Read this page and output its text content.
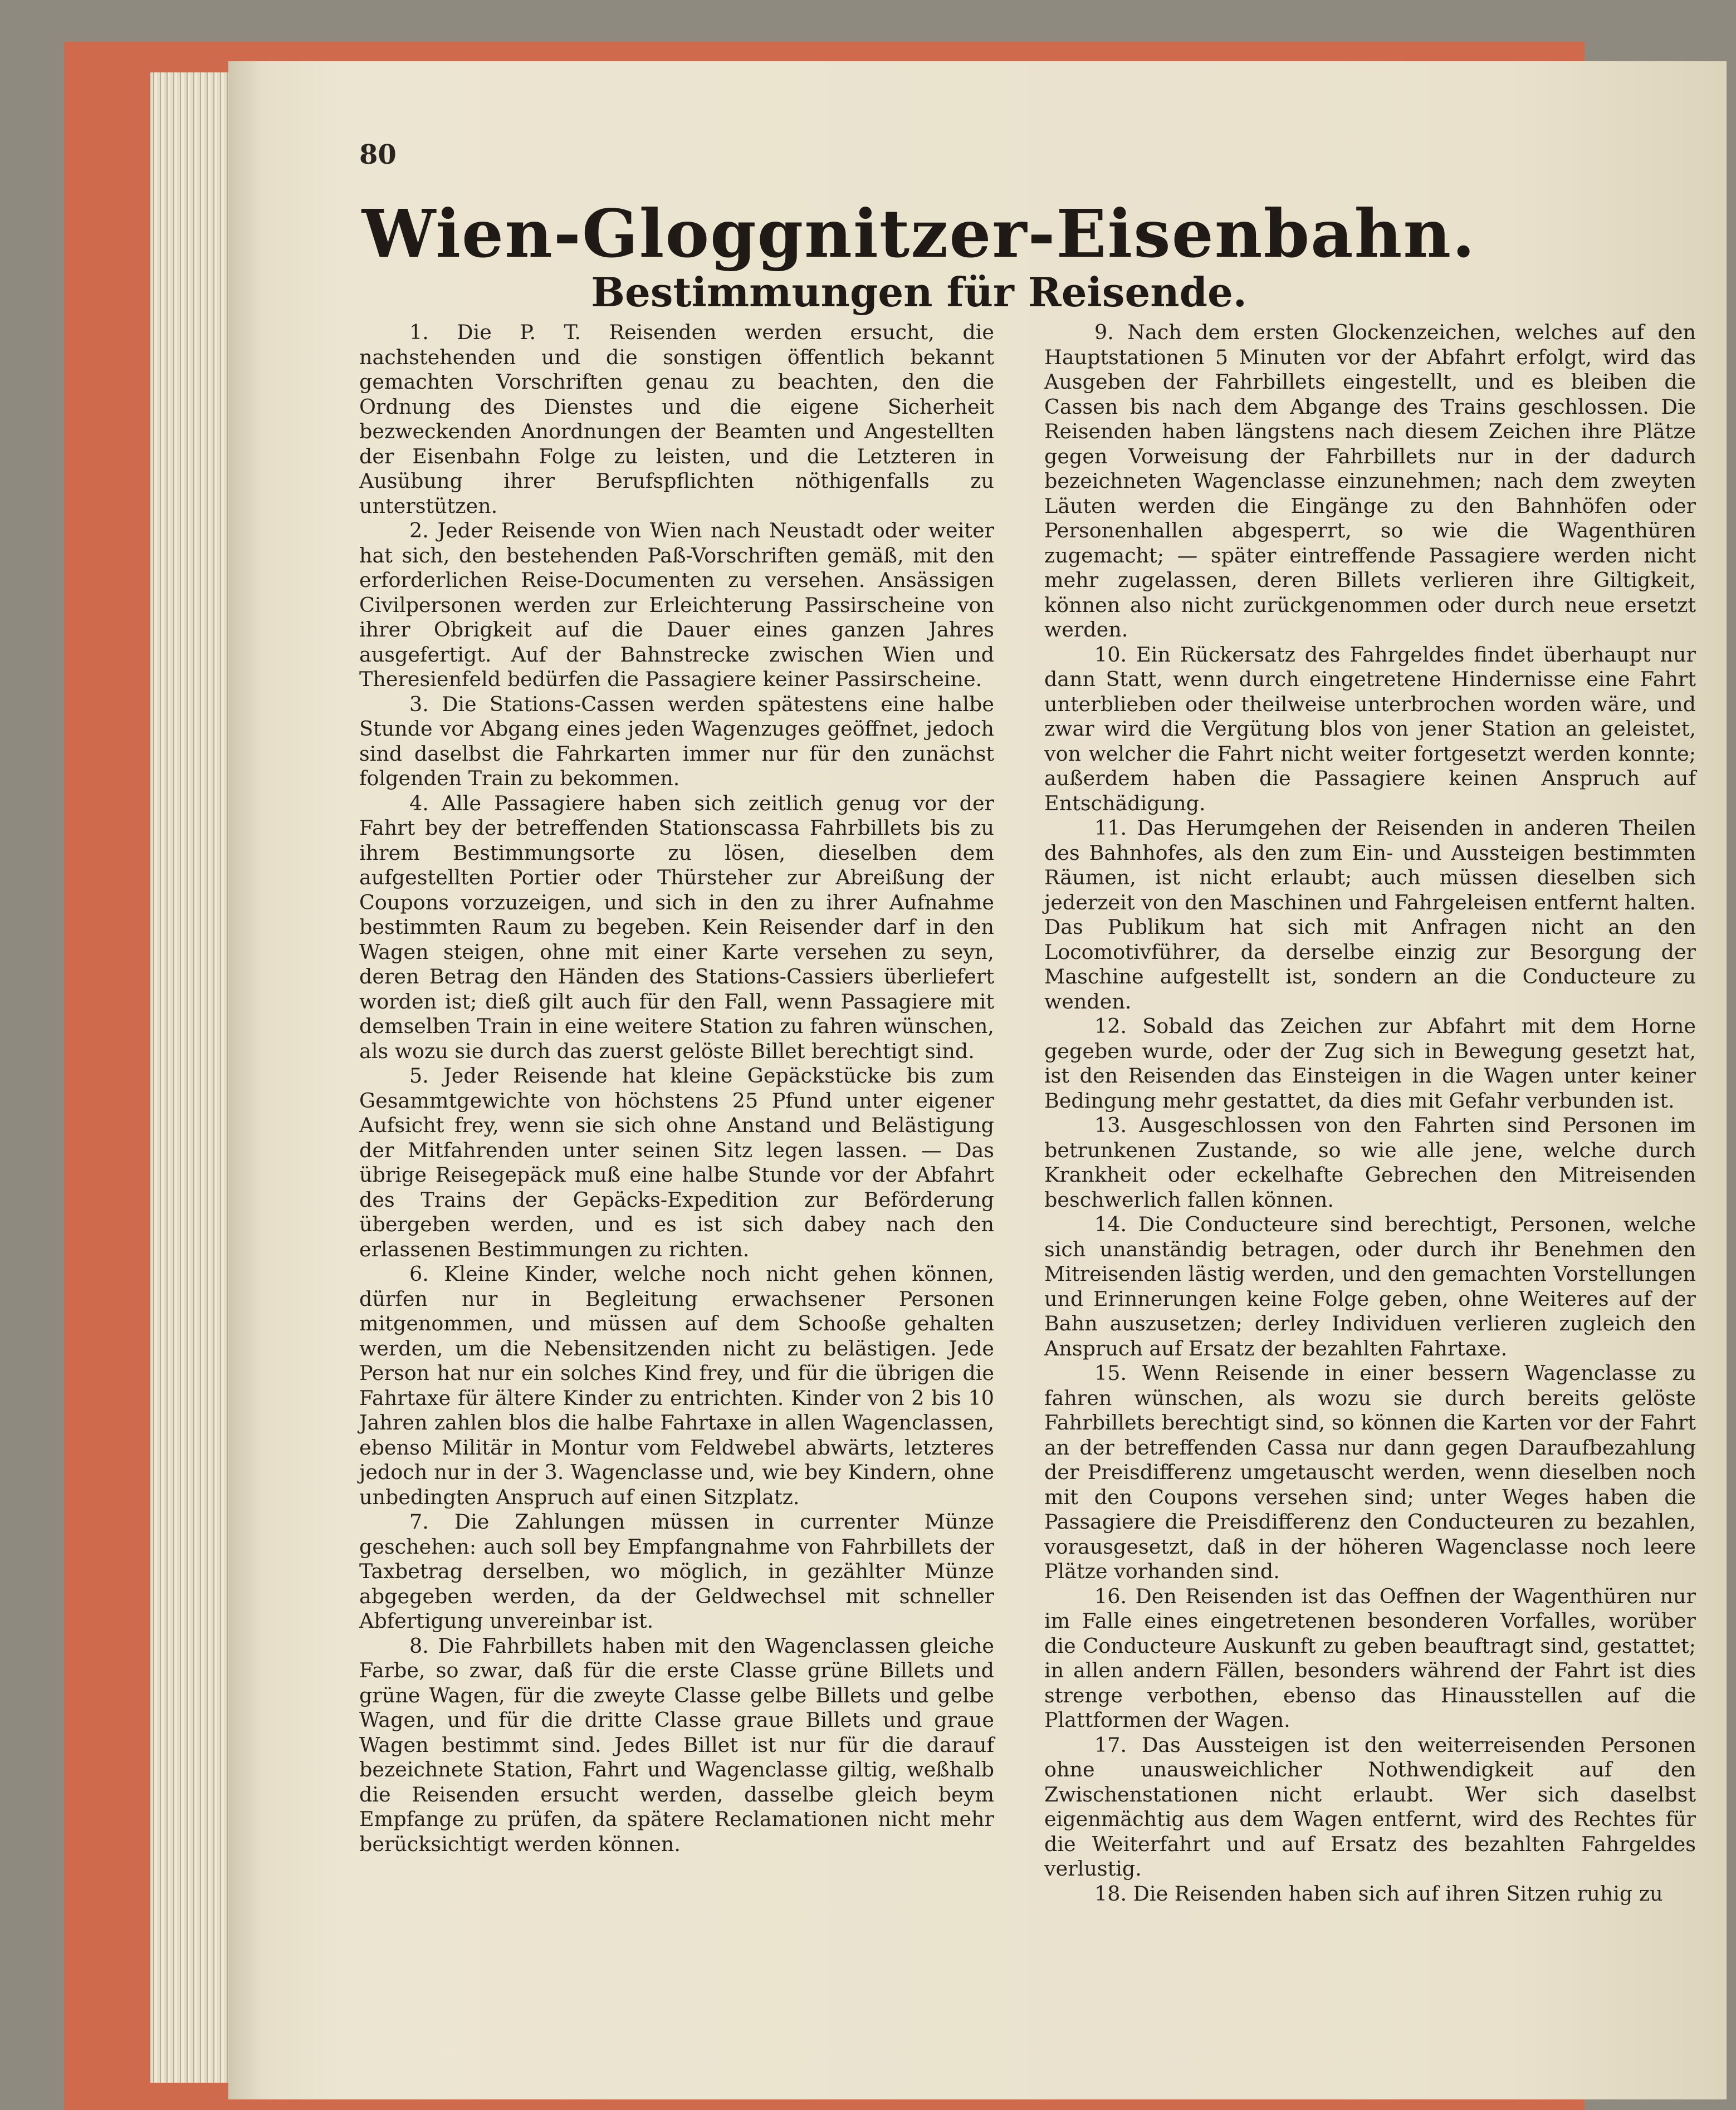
80
Wien-Gloggnitzer-Eisenbahn.
Bestimmungen für Reisende.

1. Die P. T. Reisenden werden ersucht, die nachstehenden und die sonstigen öffentlich bekannt gemachten Vorschriften genau zu beachten, den die Ordnung des Dienstes und die eigene Sicherheit bezweckenden Anordnungen der Beamten und Angestellten der Eisenbahn Folge zu leisten, und die Letzteren in Ausübung ihrer Berufspflichten nöthigenfalls zu unterstützen.

2. Jeder Reisende von Wien nach Neustadt oder weiter hat sich, den bestehenden Paß-Vorschriften gemäß, mit den erforderlichen Reise-Documenten zu versehen. Ansässigen Civilpersonen werden zur Erleichterung Passirscheine von ihrer Obrigkeit auf die Dauer eines ganzen Jahres ausgefertigt. Auf der Bahnstrecke zwischen Wien und Theresienfeld bedürfen die Passagiere keiner Passirscheine.

3. Die Stations-Cassen werden spätestens eine halbe Stunde vor Abgang eines jeden Wagenzuges geöffnet, jedoch sind daselbst die Fahrkarten immer nur für den zunächst folgenden Train zu bekommen.

4. Alle Passagiere haben sich zeitlich genug vor der Fahrt bey der betreffenden Stationscassa Fahrbillets bis zu ihrem Bestimmungsorte zu lösen, dieselben dem aufgestellten Portier oder Thürsteher zur Abreißung der Coupons vorzuzeigen, und sich in den zu ihrer Aufnahme bestimmten Raum zu begeben. Kein Reisender darf in den Wagen steigen, ohne mit einer Karte versehen zu seyn, deren Betrag den Händen des Stations-Cassiers überliefert worden ist; dieß gilt auch für den Fall, wenn Passagiere mit demselben Train in eine weitere Station zu fahren wünschen, als wozu sie durch das zuerst gelöste Billet berechtigt sind.

5. Jeder Reisende hat kleine Gepäckstücke bis zum Gesammtgewichte von höchstens 25 Pfund unter eigener Aufsicht frey, wenn sie sich ohne Anstand und Belästigung der Mitfahrenden unter seinen Sitz legen lassen. — Das übrige Reisegepäck muß eine halbe Stunde vor der Abfahrt des Trains der Gepäcks-Expedition zur Beförderung übergeben werden, und es ist sich dabey nach den erlassenen Bestimmungen zu richten.

6. Kleine Kinder, welche noch nicht gehen können, dürfen nur in Begleitung erwachsener Personen mitgenommen, und müssen auf dem Schooße gehalten werden, um die Nebensitzenden nicht zu belästigen. Jede Person hat nur ein solches Kind frey, und für die übrigen die Fahrtaxe für ältere Kinder zu entrichten. Kinder von 2 bis 10 Jahren zahlen blos die halbe Fahrtaxe in allen Wagenclassen, ebenso Militär in Montur vom Feldwebel abwärts, letzteres jedoch nur in der 3. Wagenclasse und, wie bey Kindern, ohne unbedingten Anspruch auf einen Sitzplatz.

7. Die Zahlungen müssen in currenter Münze geschehen: auch soll bey Empfangnahme von Fahrbillets der Taxbetrag derselben, wo möglich, in gezählter Münze abgegeben werden, da der Geldwechsel mit schneller Abfertigung unvereinbar ist.

8. Die Fahrbillets haben mit den Wagenclassen gleiche Farbe, so zwar, daß für die erste Classe grüne Billets und grüne Wagen, für die zweyte Classe gelbe Billets und gelbe Wagen, und für die dritte Classe graue Billets und graue Wagen bestimmt sind. Jedes Billet ist nur für die darauf bezeichnete Station, Fahrt und Wagenclasse giltig, weßhalb die Reisenden ersucht werden, dasselbe gleich beym Empfange zu prüfen, da spätere Reclamationen nicht mehr berücksichtigt werden können.

9. Nach dem ersten Glockenzeichen, welches auf den Hauptstationen 5 Minuten vor der Abfahrt erfolgt, wird das Ausgeben der Fahrbillets eingestellt, und es bleiben die Cassen bis nach dem Abgange des Trains geschlossen. Die Reisenden haben längstens nach diesem Zeichen ihre Plätze gegen Vorweisung der Fahrbillets nur in der dadurch bezeichneten Wagenclasse einzunehmen; nach dem zweyten Läuten werden die Eingänge zu den Bahnhöfen oder Personenhallen abgesperrt, so wie die Wagenthüren zugemacht; — später eintreffende Passagiere werden nicht mehr zugelassen, deren Billets verlieren ihre Giltigkeit, können also nicht zurückgenommen oder durch neue ersetzt werden.

10. Ein Rückersatz des Fahrgeldes findet überhaupt nur dann Statt, wenn durch eingetretene Hindernisse eine Fahrt unterblieben oder theilweise unterbrochen worden wäre, und zwar wird die Vergütung blos von jener Station an geleistet, von welcher die Fahrt nicht weiter fortgesetzt werden konnte; außerdem haben die Passagiere keinen Anspruch auf Entschädigung.

11. Das Herumgehen der Reisenden in anderen Theilen des Bahnhofes, als den zum Ein- und Aussteigen bestimmten Räumen, ist nicht erlaubt; auch müssen dieselben sich jederzeit von den Maschinen und Fahrgeleisen entfernt halten. Das Publikum hat sich mit Anfragen nicht an den Locomotivführer, da derselbe einzig zur Besorgung der Maschine aufgestellt ist, sondern an die Conducteure zu wenden.

12. Sobald das Zeichen zur Abfahrt mit dem Horne gegeben wurde, oder der Zug sich in Bewegung gesetzt hat, ist den Reisenden das Einsteigen in die Wagen unter keiner Bedingung mehr gestattet, da dies mit Gefahr verbunden ist.

13. Ausgeschlossen von den Fahrten sind Personen im betrunkenen Zustande, so wie alle jene, welche durch Krankheit oder eckelhafte Gebrechen den Mitreisenden beschwerlich fallen können.

14. Die Conducteure sind berechtigt, Personen, welche sich unanständig betragen, oder durch ihr Benehmen den Mitreisenden lästig werden, und den gemachten Vorstellungen und Erinnerungen keine Folge geben, ohne Weiteres auf der Bahn auszusetzen; derley Individuen verlieren zugleich den Anspruch auf Ersatz der bezahlten Fahrtaxe.

15. Wenn Reisende in einer bessern Wagenclasse zu fahren wünschen, als wozu sie durch bereits gelöste Fahrbillets berechtigt sind, so können die Karten vor der Fahrt an der betreffenden Cassa nur dann gegen Daraufbezahlung der Preisdifferenz umgetauscht werden, wenn dieselben noch mit den Coupons versehen sind; unter Weges haben die Passagiere die Preisdifferenz den Conducteuren zu bezahlen, vorausgesetzt, daß in der höheren Wagenclasse noch leere Plätze vorhanden sind.

16. Den Reisenden ist das Oeffnen der Wagenthüren nur im Falle eines eingetretenen besonderen Vorfalles, worüber die Conducteure Auskunft zu geben beauftragt sind, gestattet; in allen andern Fällen, besonders während der Fahrt ist dies strenge verbothen, ebenso das Hinausstellen auf die Plattformen der Wagen.

17. Das Aussteigen ist den weiterreisenden Personen ohne unausweichlicher Nothwendigkeit auf den Zwischenstationen nicht erlaubt. Wer sich daselbst eigenmächtig aus dem Wagen entfernt, wird des Rechtes für die Weiterfahrt und auf Ersatz des bezahlten Fahrgeldes verlustig.

18. Die Reisenden haben sich auf ihren Sitzen ruhig zu
